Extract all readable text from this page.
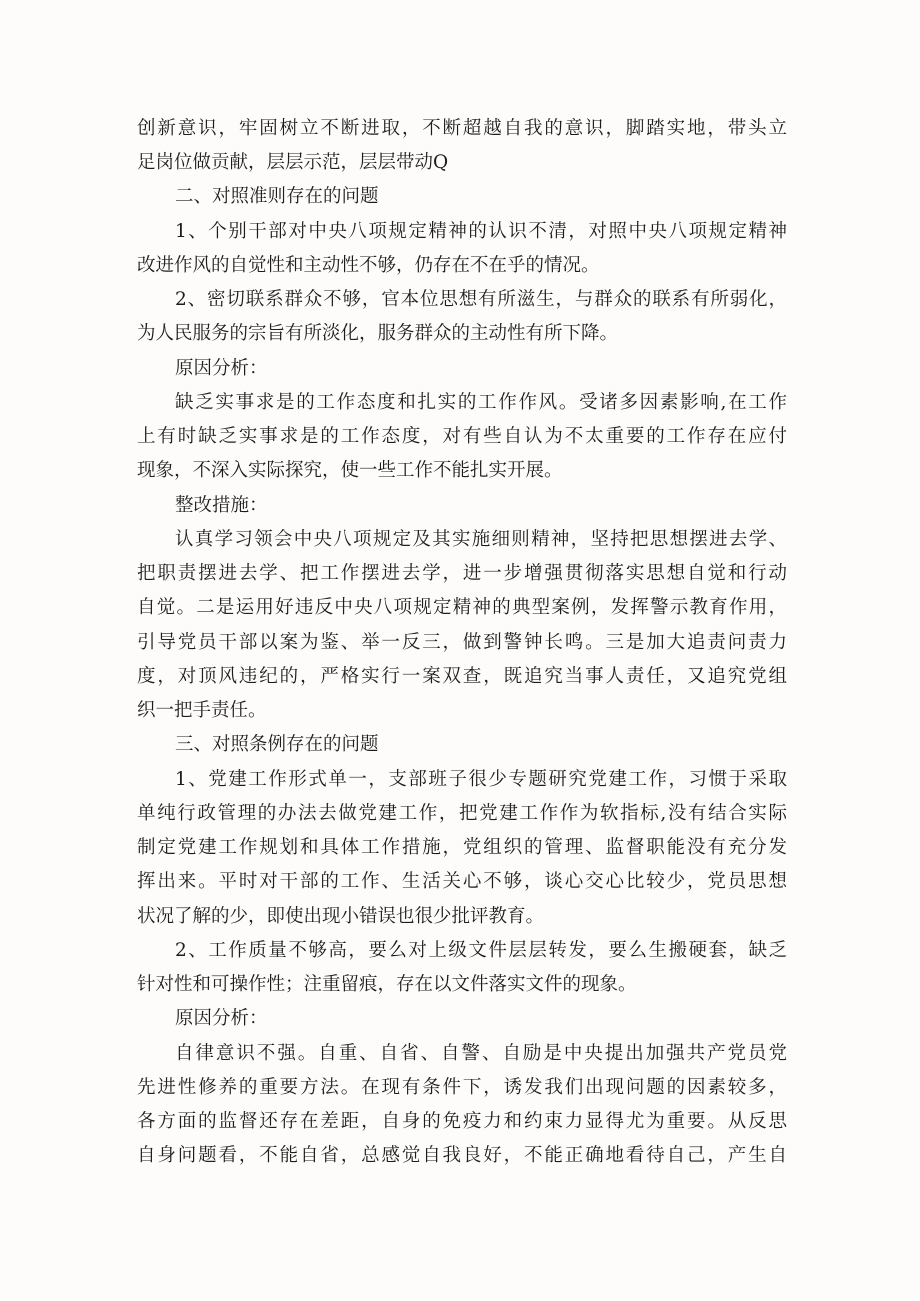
创新意识，牢固树立不断进取，不断超越自我的意识，脚踏实地，带头立
足岗位做贡献，层层示范，层层带动Q
二、对照准则存在的问题
1、个别干部对中央八项规定精神的认识不清，对照中央八项规定精神
改进作风的自觉性和主动性不够，仍存在不在乎的情况。
2、密切联系群众不够，官本位思想有所滋生，与群众的联系有所弱化，
为人民服务的宗旨有所淡化，服务群众的主动性有所下降。
原因分析：
缺乏实事求是的工作态度和扎实的工作作风。受诸多因素影响,在工作
上有时缺乏实事求是的工作态度，对有些自认为不太重要的工作存在应付
现象，不深入实际探究，使一些工作不能扎实开展。
整改措施：
认真学习领会中央八项规定及其实施细则精神，坚持把思想摆进去学、
把职责摆进去学、把工作摆进去学，进一步增强贯彻落实思想自觉和行动
自觉。二是运用好违反中央八项规定精神的典型案例，发挥警示教育作用，
引导党员干部以案为鉴、举一反三，做到警钟长鸣。三是加大追责问责力
度，对顶风违纪的，严格实行一案双查，既追究当事人责任，又追究党组
织一把手责任。
三、对照条例存在的问题
1、党建工作形式单一，支部班子很少专题研究党建工作，习惯于采取
单纯行政管理的办法去做党建工作，把党建工作作为软指标,没有结合实际
制定党建工作规划和具体工作措施，党组织的管理、监督职能没有充分发
挥出来。平时对干部的工作、生活关心不够，谈心交心比较少，党员思想
状况了解的少，即使出现小错误也很少批评教育。
2、工作质量不够高，要么对上级文件层层转发，要么生搬硬套，缺乏
针对性和可操作性；注重留痕，存在以文件落实文件的现象。
原因分析：
自律意识不强。自重、自省、自警、自励是中央提出加强共产党员党
先进性修养的重要方法。在现有条件下，诱发我们出现问题的因素较多，
各方面的监督还存在差距，自身的免疫力和约束力显得尤为重要。从反思
自身问题看，不能自省，总感觉自我良好，不能正确地看待自己，产生自
